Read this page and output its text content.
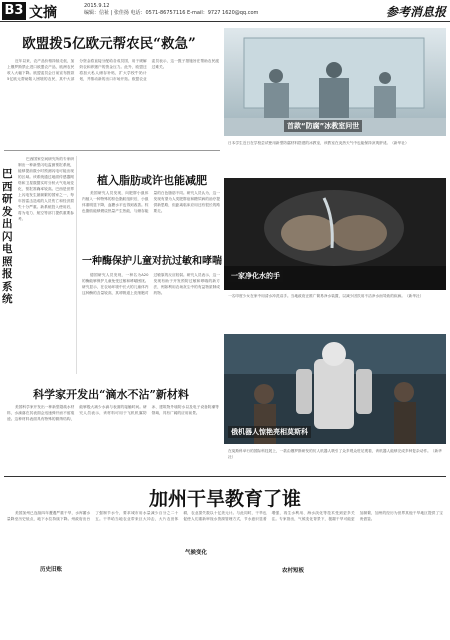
B3 文摘	2015.9.12
编辑：信祉 | 张佳扬 电话：0571-86757116 E-mail：9727 1620@qq.com	参考消息报
欧盟拨5亿欧元帮农民“救急”

近年以来，农产品价格持续走低，加上俄罗斯禁止进口欧盟农产品，欧洲农民收入大幅下降。欧盟委员会日前宣布拨款5亿欧元帮助陷入困境的农民，其中大部分资金将直接分配给各成员国，用于缓解奶农和养猪户的资金压力。此外，欧盟还将加大私人储存补贴，扩大学校牛奶计划，并推动新的出口市场开拓。欧盟农业委员表示，这一揽子措施旨在帮助农民渡过难关。

巴西研发出闪电照报系统

巴西国家空间研究所的专家研制出一种新型闪电监测预报系统，能够提前数小时预测闪电可能出现的区域。该系统通过地面传感器网络和卫星数据实时分析大气电场变化，预报准确率较高。巴西是世界上闪电发生最频繁的国家之一，每年因雷击造成的人员伤亡和经济损失十分严重。新系统投入使用后，将为电力、航空等部门提供重要参考。

植入脂肪或许也能减肥

美国研究人员发现，向肥胖小鼠体内植入一种特殊的棕色脂肪组织后，小鼠体重明显下降，血糖水平也得到改善。棕色脂肪能够燃烧热量产生热能，与储存能量的白色脂肪不同。研究人员认为，这一发现有望为人类肥胖症和糖尿病的治疗提供新思路，但距离临床应用还有很长的路要走。

一种酶保护儿童对抗过敏和哮喘

德国研究人员发现，一种名为A20的酶能够保护儿童免受过敏和哮喘困扰。研究显示，在农场环境中长大的儿童体内这种酶的含量较高，其呼吸道上皮细胞对过敏原的反应较弱。研究人员表示，这一发现有助于开发预防过敏和哮喘的新方法，例如利用农场灰尘中的有益物质制成药物。

首款“防腐”冰教室问世
日本学生近日在学校尝试使用新型防腐材料搭建的冰教室，该教室在炎热天气中也能保持凉爽舒适。（新华社）
一家净化水的手
一名印度少女在家中用清水冲洗双手。当地政府正推广简易净水装置，以减少因饮用不洁净水而导致的疾病。（新华社）
俄机器人惊艳亮相莫斯科
在莫斯科举行的国际科技展上，一款由俄罗斯研发的仿人机器人吸引了众多观众驻足观看，该机器人能够完成多种复杂动作。（新华社）
科学家开发出“滴水不沾”新材料

美国科学家开发出一种新型超疏水材料，水滴落在其表面会迅速弹开而不留痕迹。这种材料表面具有特殊的微纳结构，能够极大减少水滴与表面的接触时间。研究人员表示，该材料可用于飞机机翼防冰、建筑物外墙防水以及电子设备防潮等领域，具有广阔的应用前景。

加州干旱教育了谁
历史旧账
气候变化
农村短板

美国加州已连续四年遭遇严重干旱，水库蓄水量降至历史低点，地下水位持续下降。州政府出台了强制节水令，要求城市用水量减少百分之二十五。干旱给当地农业带来巨大冲击，大片农田休耕，农业损失数以十亿美元计。与此同时，干旱也促使人们重新审视水资源管理方式，节水意识显著增强，再生水利用、海水淡化等技术受到更多关注。专家指出，气候变化背景下，极端干旱可能更加频繁，加州的经历为世界其他干旱地区提供了宝贵借鉴。
